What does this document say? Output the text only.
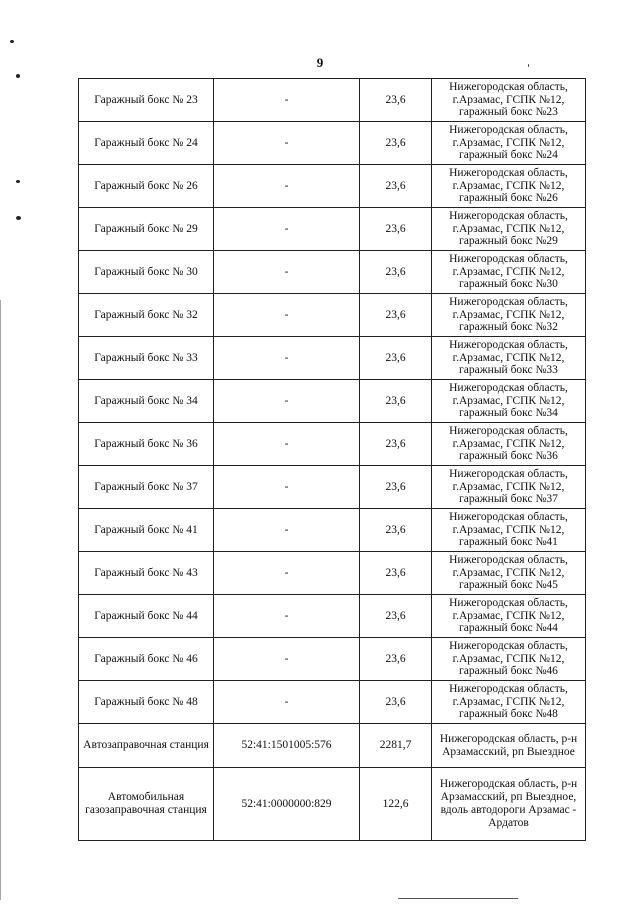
9
Гаражный бокс № 23	-	23,6	Нижегородская область, г.Арзамас, ГСПК №12, гаражный бокс №23
Гаражный бокс № 24	-	23,6	Нижегородская область, г.Арзамас, ГСПК №12, гаражный бокс №24
Гаражный бокс № 26	-	23,6	Нижегородская область, г.Арзамас, ГСПК №12, гаражный бокс №26
Гаражный бокс № 29	-	23,6	Нижегородская область, г.Арзамас, ГСПК №12, гаражный бокс №29
Гаражный бокс № 30	-	23,6	Нижегородская область, г.Арзамас, ГСПК №12, гаражный бокс №30
Гаражный бокс № 32	-	23,6	Нижегородская область, г.Арзамас, ГСПК №12, гаражный бокс №32
Гаражный бокс № 33	-	23,6	Нижегородская область, г.Арзамас, ГСПК №12, гаражный бокс №33
Гаражный бокс № 34	-	23,6	Нижегородская область, г.Арзамас, ГСПК №12, гаражный бокс №34
Гаражный бокс № 36	-	23,6	Нижегородская область, г.Арзамас, ГСПК №12, гаражный бокс №36
Гаражный бокс № 37	-	23,6	Нижегородская область, г.Арзамас, ГСПК №12, гаражный бокс №37
Гаражный бокс № 41	-	23,6	Нижегородская область, г.Арзамас, ГСПК №12, гаражный бокс №41
Гаражный бокс № 43	-	23,6	Нижегородская область, г.Арзамас, ГСПК №12, гаражный бокс №45
Гаражный бокс № 44	-	23,6	Нижегородская область, г.Арзамас, ГСПК №12, гаражный бокс №44
Гаражный бокс № 46	-	23,6	Нижегородская область, г.Арзамас, ГСПК №12, гаражный бокс №46
Гаражный бокс № 48	-	23,6	Нижегородская область, г.Арзамас, ГСПК №12, гаражный бокс №48
Автозаправочная станция	52:41:1501005:576	2281,7	Нижегородская область, р-н Арзамасский, рп Выездное
Автомобильная газозаправочная станция	52:41:0000000:829	122,6	Нижегородская область, р-н Арзамасский, рп Выездное, вдоль автодороги Арзамас - Ардатов
